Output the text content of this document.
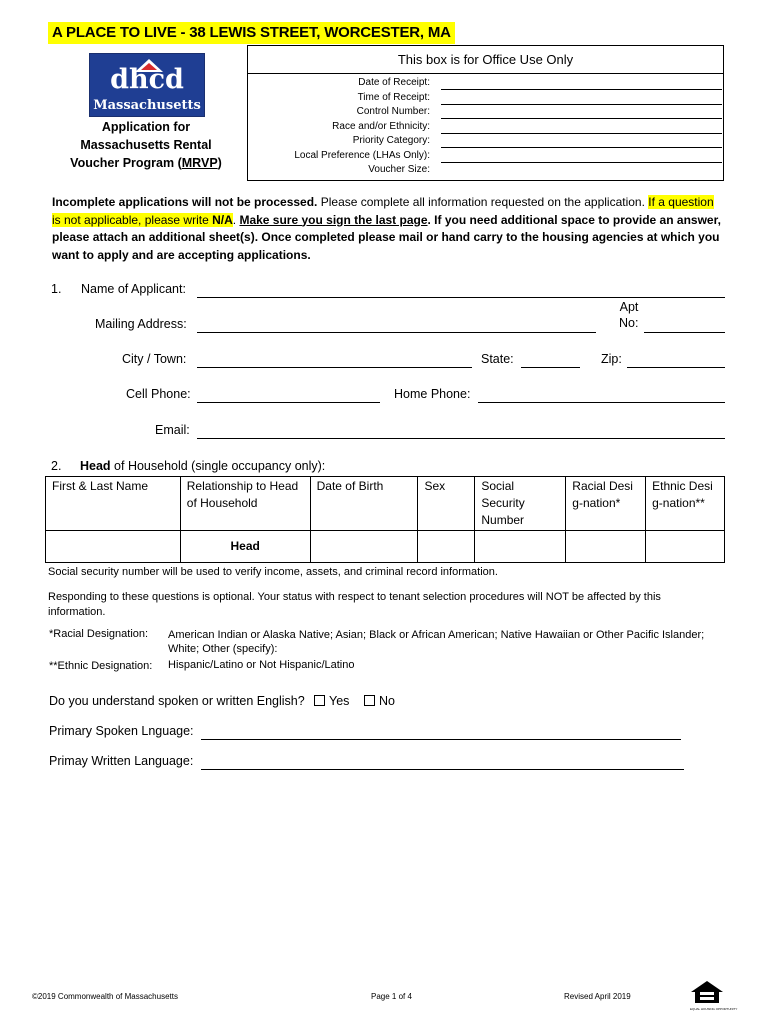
A PLACE TO LIVE - 38 LEWIS STREET, WORCESTER, MA
dhcd
Massachusetts
Application for
Massachusetts Rental
Voucher Program (MRVP)
This box is for Office Use Only
Date of Receipt:
Time of Receipt:
Control Number:
Race and/or Ethnicity:
Priority Category:
Local Preference (LHAs Only):
Voucher Size:
Incomplete applications will not be processed. Please complete all information requested on the application. If a question is not applicable, please write N/A. Make sure you sign the last page. If you need additional space to provide an answer, please attach an additional sheet(s). Once completed please mail or hand carry to the housing agencies at which you want to apply and are accepting applications.
1. Name of Applicant:
Mailing Address:
Apt
No:
City / Town:	State:	Zip:
Cell Phone:	Home Phone:
Email:
2. Head of Household (single occupancy only):
First & Last Name	Relationship to Head of Household	Date of Birth	Sex	Social Security Number	Racial Desig-nation*	Ethnic Desig-nation**
	Head					
Social security number will be used to verify income, assets, and criminal record information.
Responding to these questions is optional. Your status with respect to tenant selection procedures will NOT be affected by this information.
*Racial Designation: American Indian or Alaska Native; Asian; Black or African American; Native Hawaiian or Other Pacific Islander; White; Other (specify):
**Ethnic Designation: Hispanic/Latino or Not Hispanic/Latino
Do you understand spoken or written English?	Yes	No
Primary Spoken Lnguage:
Primay Written Language:
©2019 Commonwealth of Massachusetts	Page 1 of 4	Revised April 2019
EQUAL HOUSING OPPORTUNITY
